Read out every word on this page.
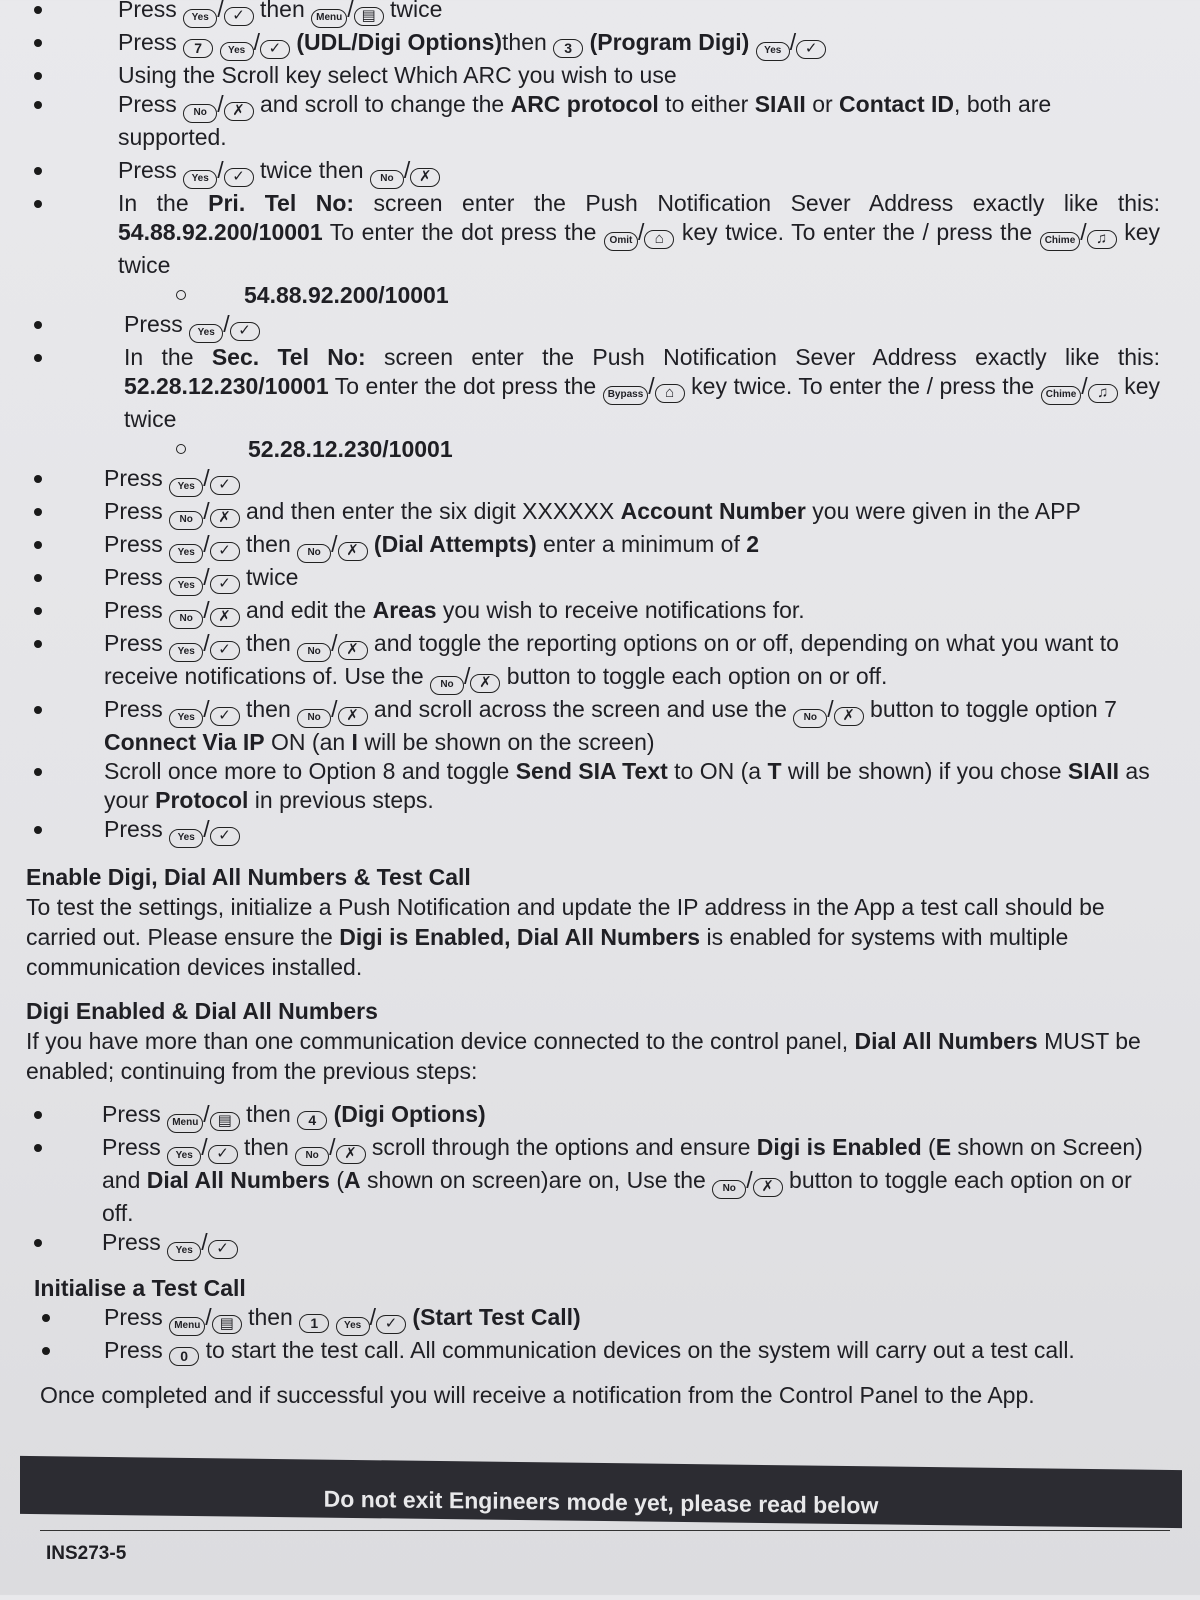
Press Yes / ✓ then Menu / ▤ twice
Press 7	Yes / ✓ (UDL/Digi Options)then 3 (Program Digi) Yes / ✓
Using the Scroll key select Which ARC you wish to use
Press No / ✗ and scroll to change the ARC protocol to either SIAII or Contact ID, both are supported.
Press Yes / ✓ twice then No / ✗
In the Pri. Tel No: screen enter the Push Notification Sever Address exactly like this: 54.88.92.200/10001 To enter the dot press the Omit / ⌂ key twice. To enter the / press the Chime / ♫ key twice
54.88.92.200/10001
Press Yes / ✓
In the Sec. Tel No: screen enter the Push Notification Sever Address exactly like this: 52.28.12.230/10001 To enter the dot press the Bypass / ⌂ key twice. To enter the / press the Chime / ♫ key twice
52.28.12.230/10001
Press Yes / ✓
Press No / ✗ and then enter the six digit XXXXXX Account Number you were given in the APP
Press Yes / ✓ then No / ✗ (Dial Attempts) enter a minimum of 2
Press Yes / ✓ twice
Press No / ✗ and edit the Areas you wish to receive notifications for.
Press Yes / ✓ then No / ✗ and toggle the reporting options on or off, depending on what you want to receive notifications of. Use the No / ✗ button to toggle each option on or off.
Press Yes / ✓ then No / ✗ and scroll across the screen and use the No / ✗ button to toggle option 7 Connect Via IP ON (an I will be shown on the screen)
Scroll once more to Option 8 and toggle Send SIA Text to ON (a T will be shown) if you chose SIAII as your Protocol in previous steps.
Press Yes / ✓

Enable Digi, Dial All Numbers & Test Call

To test the settings, initialize a Push Notification and update the IP address in the App a test call should be carried out. Please ensure the Digi is Enabled, Dial All Numbers is enabled for systems with multiple communication devices installed.

Digi Enabled & Dial All Numbers

If you have more than one communication device connected to the control panel, Dial All Numbers MUST be enabled; continuing from the previous steps:

Press Menu / ▤ then 4 (Digi Options)
Press Yes / ✓ then No / ✗ scroll through the options and ensure Digi is Enabled (E shown on Screen) and Dial All Numbers (A shown on screen)are on, Use the No / ✗ button to toggle each option on or off.
Press Yes / ✓

Initialise a Test Call

Press Menu / ▤ then 1	Yes / ✓ (Start Test Call)
Press 0 to start the test call. All communication devices on the system will carry out a test call.

Once completed and if successful you will receive a notification from the Control Panel to the App.

Do not exit Engineers mode yet, please read below
INS273-5
